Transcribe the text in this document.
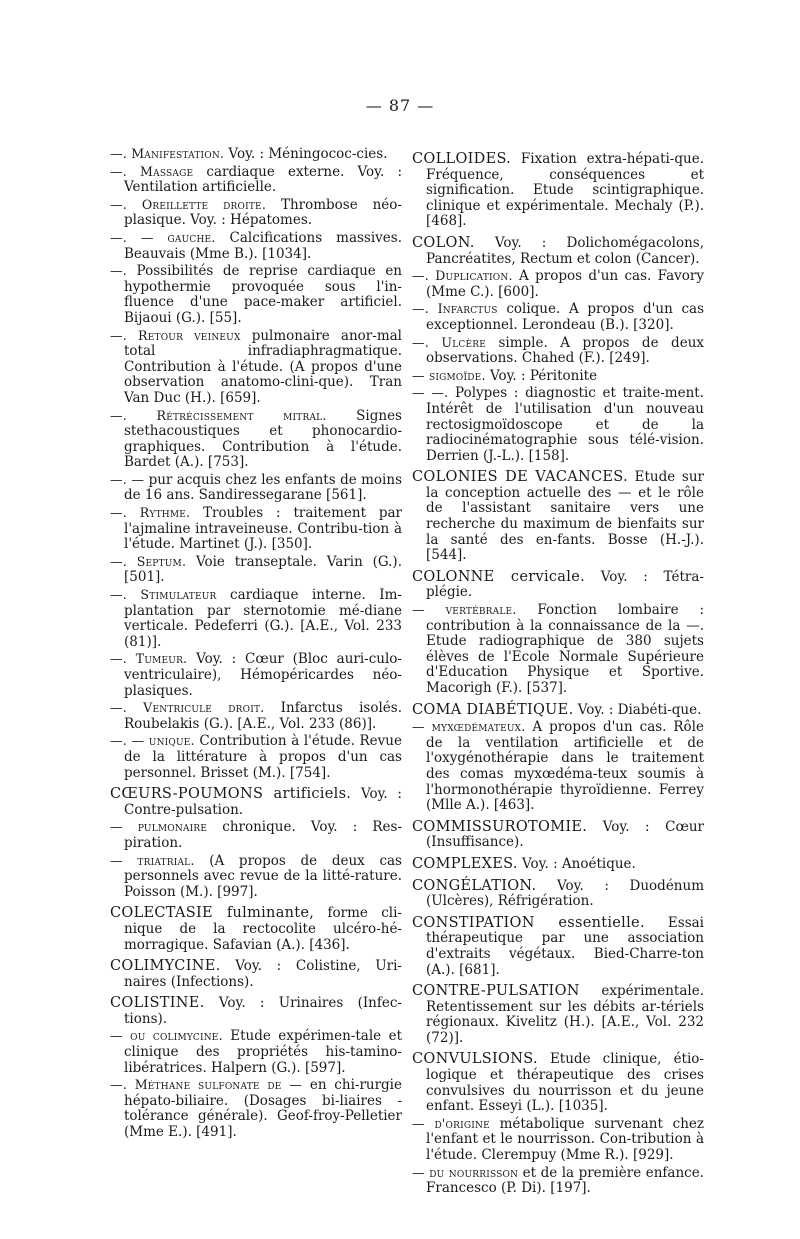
— 87 —

—. Manifestation. Voy. : Méningococ-cies.

—. Massage cardiaque externe. Voy. : Ventilation artificielle.

—. Oreillette droite. Thrombose néo-plasique. Voy. : Hépatomes.

—. — gauche. Calcifications massives. Beauvais (Mme B.). [1034].

—. Possibilités de reprise cardiaque en hypothermie provoquée sous l'in-fluence d'une pace-maker artificiel. Bijaoui (G.). [55].

—. Retour veineux pulmonaire anor-mal total infradiaphragmatique. Contribution à l'étude. (A propos d'une observation anatomo-clini-que). Tran Van Duc (H.). [659].

—. Rétrécissement mitral. Signes stethacoustiques et phonocardio-graphiques. Contribution à l'étude. Bardet (A.). [753].

—. — pur acquis chez les enfants de moins de 16 ans. Sandiressegarane [561].

—. Rythme. Troubles : traitement par l'ajmaline intraveineuse. Contribu-tion à l'étude. Martinet (J.). [350].

—. Septum. Voie transeptale. Varin (G.). [501].

—. Stimulateur cardiaque interne. Im-plantation par sternotomie mé-diane verticale. Pedeferri (G.). [A.E., Vol. 233 (81)].

—. Tumeur. Voy. : Cœur (Bloc auri-culo-ventriculaire), Hémopéricardes néo-plasiques.

—. Ventricule droit. Infarctus isolés. Roubelakis (G.). [A.E., Vol. 233 (86)].

—. — unique. Contribution à l'étude. Revue de la littérature à propos d'un cas personnel. Brisset (M.). [754].

CŒURS-POUMONS artificiels. Voy. : Contre-pulsation.

— pulmonaire chronique. Voy. : Res-piration.

— triatrial. (A propos de deux cas personnels avec revue de la litté-rature. Poisson (M.). [997].

COLECTASIE fulminante, forme cli-nique de la rectocolite ulcéro-hé-morragique. Safavian (A.). [436].

COLIMYCINE. Voy. : Colistine, Uri-naires (Infections).

COLISTINE. Voy. : Urinaires (Infec-tions).

— ou colimycine. Etude expérimen-tale et clinique des propriétés his-tamino-libératrices. Halpern (G.). [597].

—. Méthane sulfonate de — en chi-rurgie hépato-biliaire. (Dosages bi-liaires - tolérance générale). Geof-froy-Pelletier (Mme E.). [491].

COLLOIDES. Fixation extra-hépati-que. Fréquence, conséquences et signification. Etude scintigraphique. clinique et expérimentale. Mechaly (P.). [468].

COLON. Voy. : Dolichomégacolons, Pancréatites, Rectum et colon (Cancer).

—. Duplication. A propos d'un cas. Favory (Mme C.). [600].

—. Infarctus colique. A propos d'un cas exceptionnel. Lerondeau (B.). [320].

—. Ulcère simple. A propos de deux observations. Chahed (F.). [249].

— sigmoïde. Voy. : Péritonite

— —. Polypes : diagnostic et traite-ment. Intérêt de l'utilisation d'un nouveau rectosigmoïdoscope et de la radiocinématographie sous télé-vision. Derrien (J.-L.). [158].

COLONIES DE VACANCES. Etude sur la conception actuelle des — et le rôle de l'assistant sanitaire vers une recherche du maximum de bienfaits sur la santé des en-fants. Bosse (H.-J.). [544].

COLONNE cervicale. Voy. : Tétra-plégie.

— vertébrale. Fonction lombaire : contribution à la connaissance de la —. Etude radiographique de 380 sujets élèves de l'Ecole Normale Supérieure d'Education Physique et Sportive. Macorigh (F.). [537].

COMA DIABÉTIQUE. Voy. : Diabéti-que.

— myxœdémateux. A propos d'un cas. Rôle de la ventilation artificielle et de l'oxygénothérapie dans le traitement des comas myxœdéma-teux soumis à l'hormonothérapie thyroïdienne. Ferrey (Mlle A.). [463].

COMMISSUROTOMIE. Voy. : Cœur (Insuffisance).

COMPLEXES. Voy. : Anoétique.

CONGÉLATION. Voy. : Duodénum (Ulcères), Réfrigération.

CONSTIPATION essentielle. Essai thérapeutique par une association d'extraits végétaux. Bied-Charre-ton (A.). [681].

CONTRE-PULSATION expérimentale. Retentissement sur les débits ar-tériels régionaux. Kivelitz (H.). [A.E., Vol. 232 (72)].

CONVULSIONS. Etude clinique, étio-logique et thérapeutique des crises convulsives du nourrisson et du jeune enfant. Esseyi (L.). [1035].

— d'origine métabolique survenant chez l'enfant et le nourrisson. Con-tribution à l'étude. Clerempuy (Mme R.). [929].

— du nourrisson et de la première enfance. Francesco (P. Di). [197].
